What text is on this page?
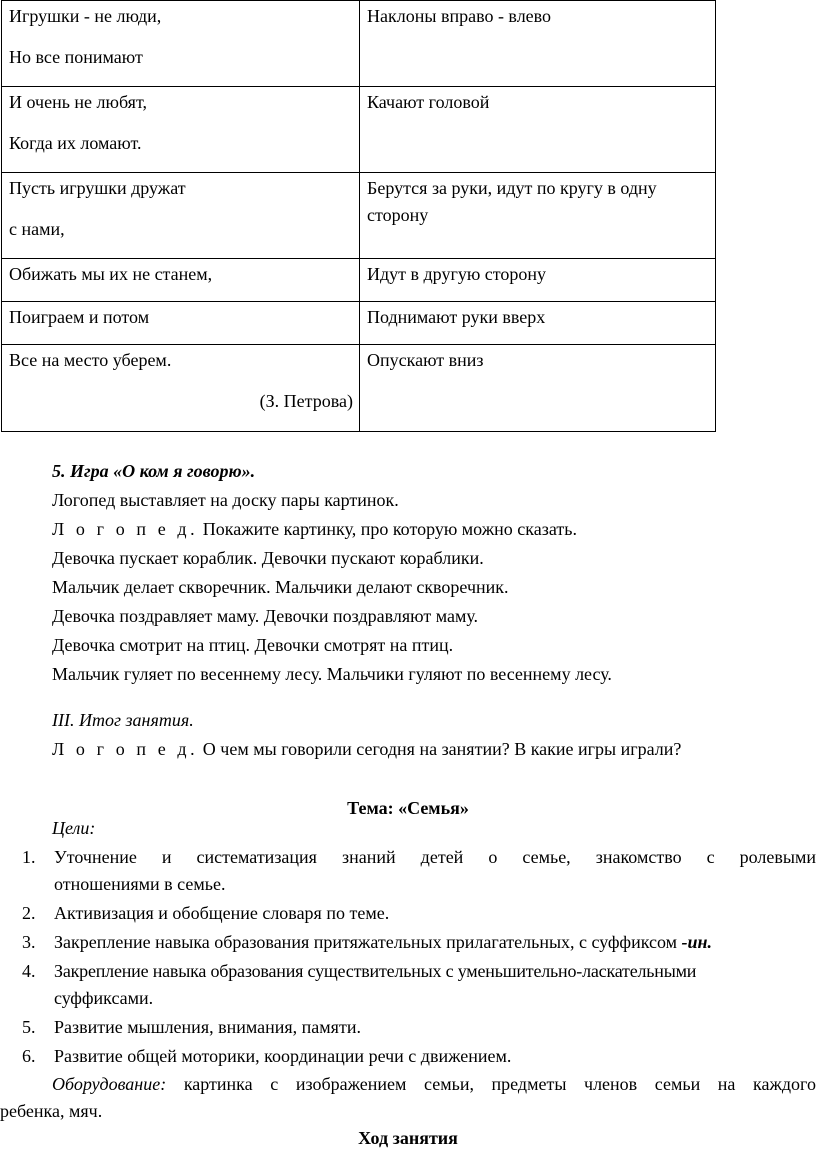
Игрушки - не люди,
Но все понимают	Наклоны вправо - влево

И очень не любят,
Когда их ломают.	Качают головой

Пусть игрушки дружат
с нами,	Берутся за руки, идут по кругу в одну
сторону

Обижать мы их не станем,	Идут в другую сторону

Поиграем и потом	Поднимают руки вверх

Все на место уберем.
(З. Петрова)	Опускают вниз
5. Игра «О ком я говорю».
Логопед выставляет на доску пары картинок.
Л о г о п е д. Покажите картинку, про которую можно сказать.
Девочка пускает кораблик. Девочки пускают кораблики.
Мальчик делает скворечник. Мальчики делают скворечник.
Девочка поздравляет маму. Девочки поздравляют маму.
Девочка смотрит на птиц. Девочки смотрят на птиц.
Мальчик гуляет по весеннему лесу. Мальчики гуляют по весеннему лесу.
III. Итог занятия.
Л о г о п е д. О чем мы говорили сегодня на занятии? В какие игры играли?
Тема: «Семья»
Цели:
1. Уточнение и систематизация знаний детей о семье, знакомство с ролевыми
отношениями в семье.
2. Активизация и обобщение словаря по теме.
3. Закрепление навыка образования притяжательных прилагательных, с суффиксом -ин.
4. Закрепление навыка образования существительных с уменьшительно-ласкательными
суффиксами.
5. Развитие мышления, внимания, памяти.
6. Развитие общей моторики, координации речи с движением.
Оборудование: картинка с изображением семьи, предметы членов семьи на каждого
ребенка, мяч.
Ход занятия
